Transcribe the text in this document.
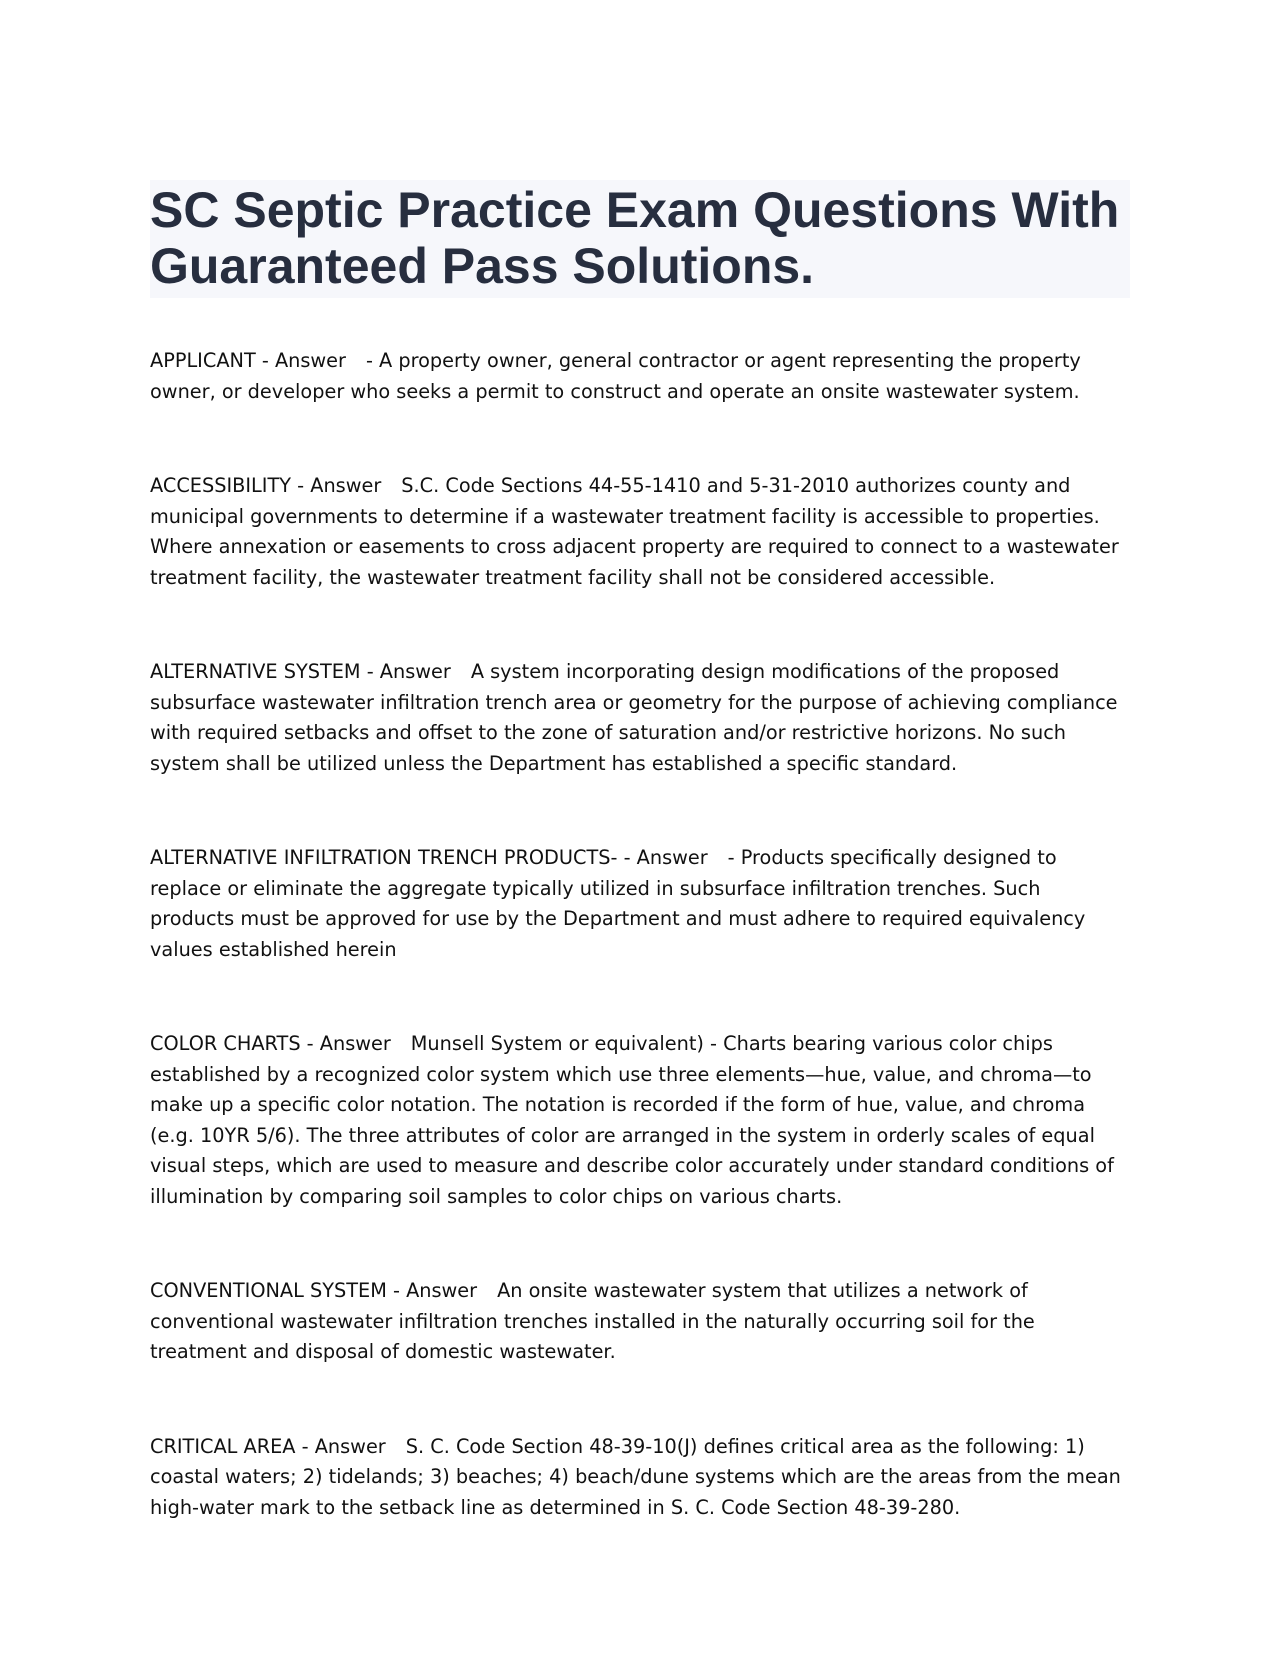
SC Septic Practice Exam Questions With Guaranteed Pass Solutions.

APPLICANT - Answer - A property owner, general contractor or agent representing the property owner, or developer who seeks a permit to construct and operate an onsite wastewater system.

ACCESSIBILITY - Answer S.C. Code Sections 44-55-1410 and 5-31-2010 authorizes county and municipal governments to determine if a wastewater treatment facility is accessible to properties. Where annexation or easements to cross adjacent property are required to connect to a wastewater treatment facility, the wastewater treatment facility shall not be considered accessible.

ALTERNATIVE SYSTEM - Answer A system incorporating design modifications of the proposed subsurface wastewater infiltration trench area or geometry for the purpose of achieving compliance with required setbacks and offset to the zone of saturation and/or restrictive horizons. No such system shall be utilized unless the Department has established a specific standard.

ALTERNATIVE INFILTRATION TRENCH PRODUCTS- - Answer - Products specifically designed to replace or eliminate the aggregate typically utilized in subsurface infiltration trenches. Such products must be approved for use by the Department and must adhere to required equivalency values established herein

COLOR CHARTS - Answer Munsell System or equivalent) - Charts bearing various color chips established by a recognized color system which use three elements—hue, value, and chroma—to make up a specific color notation. The notation is recorded if the form of hue, value, and chroma (e.g. 10YR 5/6). The three attributes of color are arranged in the system in orderly scales of equal visual steps, which are used to measure and describe color accurately under standard conditions of illumination by comparing soil samples to color chips on various charts.

CONVENTIONAL SYSTEM - Answer An onsite wastewater system that utilizes a network of conventional wastewater infiltration trenches installed in the naturally occurring soil for the treatment and disposal of domestic wastewater.

CRITICAL AREA - Answer S. C. Code Section 48-39-10(J) defines critical area as the following: 1) coastal waters; 2) tidelands; 3) beaches; 4) beach/dune systems which are the areas from the mean high-water mark to the setback line as determined in S. C. Code Section 48-39-280.
